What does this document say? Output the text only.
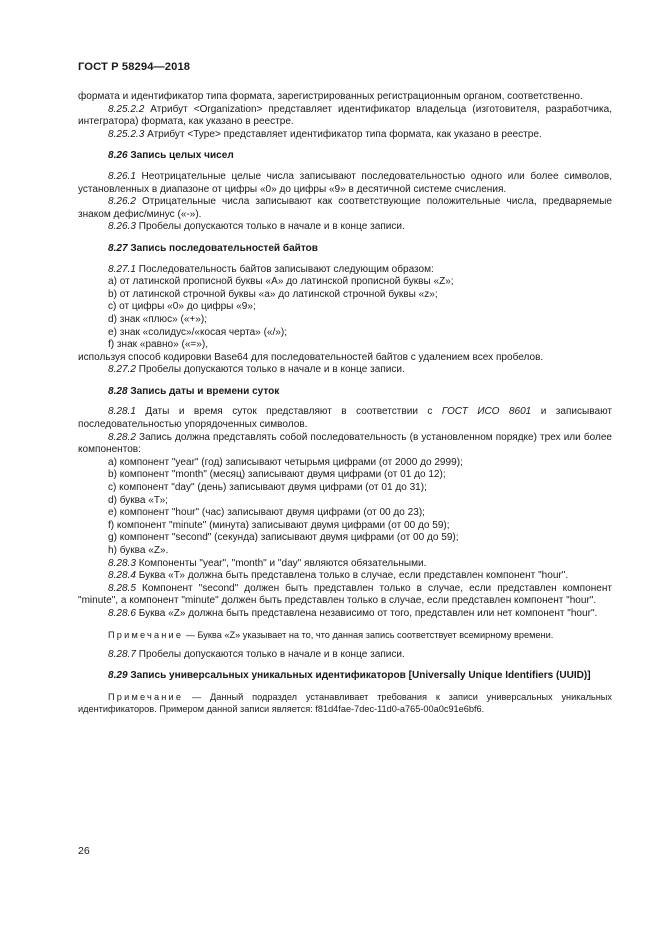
ГОСТ Р 58294—2018

формата и идентификатор типа формата, зарегистрированных регистрационным органом, соответственно.

8.25.2.2 Атрибут <Organization> представляет идентификатор владельца (изготовителя, разработчика, интегратора) формата, как указано в реестре.

8.25.2.3 Атрибут <Type> представляет идентификатор типа формата, как указано в реестре.

8.26 Запись целых чисел

8.26.1 Неотрицательные целые числа записывают последовательностью одного или более символов, установленных в диапазоне от цифры «0» до цифры «9» в десятичной системе счисления.

8.26.2 Отрицательные числа записывают как соответствующие положительные числа, предваряемые знаком дефис/минус («-»).

8.26.3 Пробелы допускаются только в начале и в конце записи.

8.27 Запись последовательностей байтов

8.27.1 Последовательность байтов записывают следующим образом:

а) от латинской прописной буквы «А» до латинской прописной буквы «Z»;

b) от латинской строчной буквы «а» до латинской строчной буквы «z»;

с) от цифры «0» до цифры «9»;

d) знак «плюс» («+»);

е) знак «солидус»/«косая черта» («/»);

f) знак «равно» («=»),

используя способ кодировки Base64 для последовательностей байтов с удалением всех пробелов.

8.27.2 Пробелы допускаются только в начале и в конце записи.

8.28 Запись даты и времени суток

8.28.1 Даты и время суток представляют в соответствии с ГОСТ ИСО 8601 и записывают последовательностью упорядоченных символов.

8.28.2 Запись должна представлять собой последовательность (в установленном порядке) трех или более компонентов:

а) компонент "year" (год) записывают четырьмя цифрами (от 2000 до 2999);

b) компонент "month" (месяц) записывают двумя цифрами (от 01 до 12);

с) компонент "day" (день) записывают двумя цифрами (от 01 до 31);

d) буква «Т»;

е) компонент "hour" (час) записывают двумя цифрами (от 00 до 23);

f) компонент "minute" (минута) записывают двумя цифрами (от 00 до 59);

g) компонент "second" (секунда) записывают двумя цифрами (от 00 до 59);

h) буква «Z».

8.28.3 Компоненты "year", "month" и "day" являются обязательными.

8.28.4 Буква «Т» должна быть представлена только в случае, если представлен компонент "hour".

8.28.5 Компонент "second" должен быть представлен только в случае, если представлен компонент "minute", а компонент "minute" должен быть представлен только в случае, если представлен компонент "hour".

8.28.6 Буква «Z» должна быть представлена независимо от того, представлен или нет компонент "hour".

Примечание — Буква «Z» указывает на то, что данная запись соответствует всемирному времени.

8.28.7 Пробелы допускаются только в начале и в конце записи.

8.29 Запись универсальных уникальных идентификаторов [Universally Unique Identifiers (UUID)]

Примечание — Данный подраздел устанавливает требования к записи универсальных уникальных идентификаторов. Примером данной записи является: f81d4fae-7dec-11d0-a765-00a0c91e6bf6.

26
